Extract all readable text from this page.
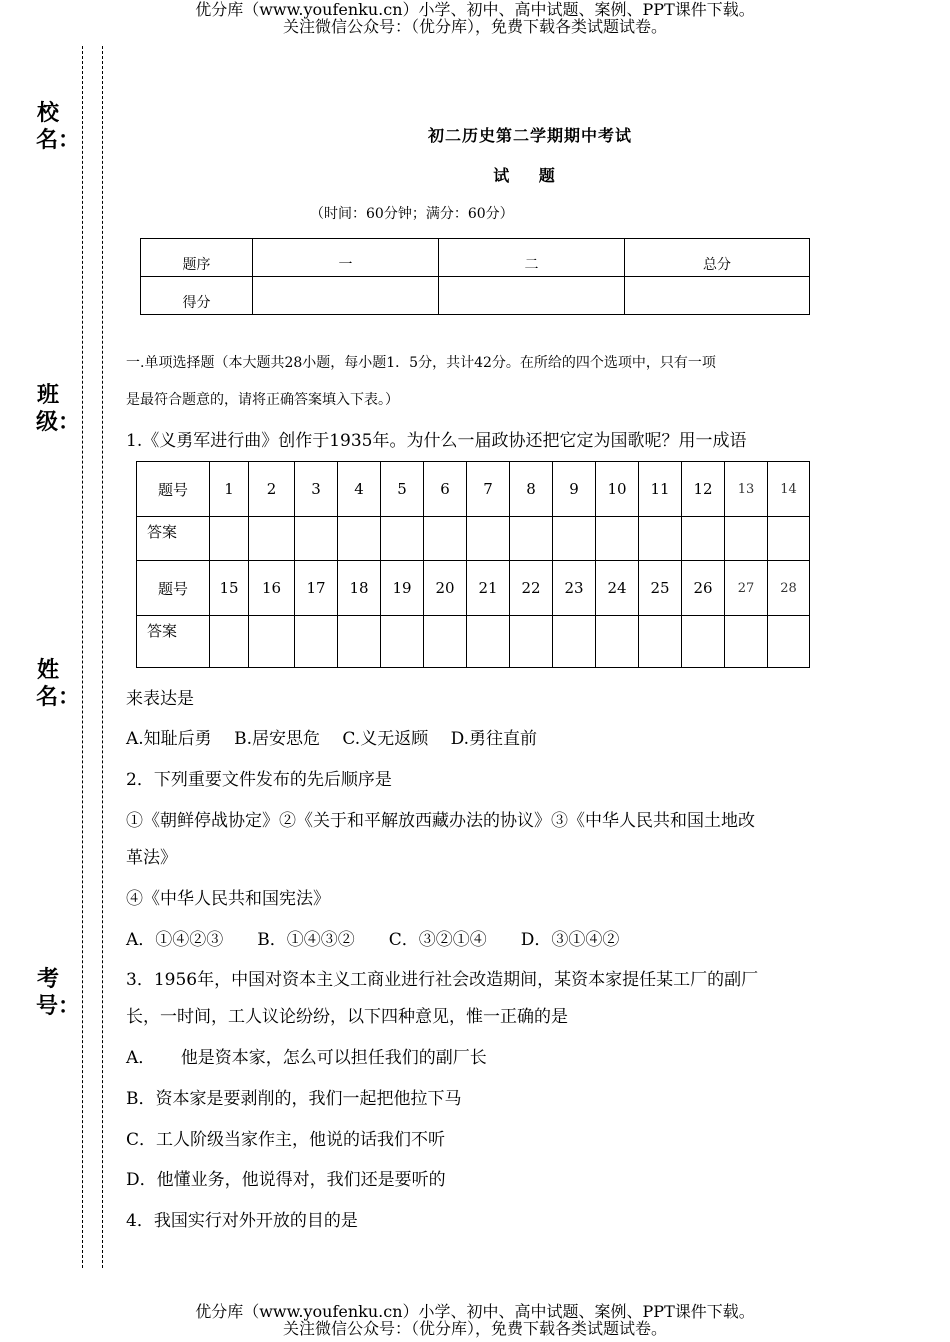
优分库（www.youfenku.cn）小学、初中、高中试题、案例、PPT课件下载。
关注微信公众号：（优分库），免费下载各类试题试卷。
校名：
班级：
姓名：
考号：
初二历史第二学期期中考试
试 题
（时间：60分钟；满分：60分）
题序	一	二	总分
得分			
一.单项选择题（本大题共28小题，每小题1．5分，共计42分。在所给的四个选项中，只有一项
是最符合题意的，请将正确答案填入下表。）
1.《义勇军进行曲》创作于1935年。为什么一届政协还把它定为国歌呢？用一成语
题号	1	2	3	4	5	6	7	8	9	10	11	12	13	14
答案														
题号	15	16	17	18	19	20	21	22	23	24	25	26	27	28
答案														
来表达是
A.知耻后勇　 B.居安思危　 C.义无返顾　 D.勇往直前
2．下列重要文件发布的先后顺序是
①《朝鲜停战协定》②《关于和平解放西藏办法的协议》③《中华人民共和国土地改
革法》
④《中华人民共和国宪法》
A．①④②③　　B．①④③②　　C．③②①④　　D．③①④②
3．1956年，中国对资本主义工商业进行社会改造期间，某资本家提任某工厂的副厂
长，一时间，工人议论纷纷，以下四种意见，惟一正确的是
A．　　他是资本家，怎么可以担任我们的副厂长
B．资本家是要剥削的，我们一起把他拉下马
C．工人阶级当家作主，他说的话我们不听
D．他懂业务，他说得对，我们还是要听的
4．我国实行对外开放的目的是
优分库（www.youfenku.cn）小学、初中、高中试题、案例、PPT课件下载。
关注微信公众号：（优分库），免费下载各类试题试卷。
